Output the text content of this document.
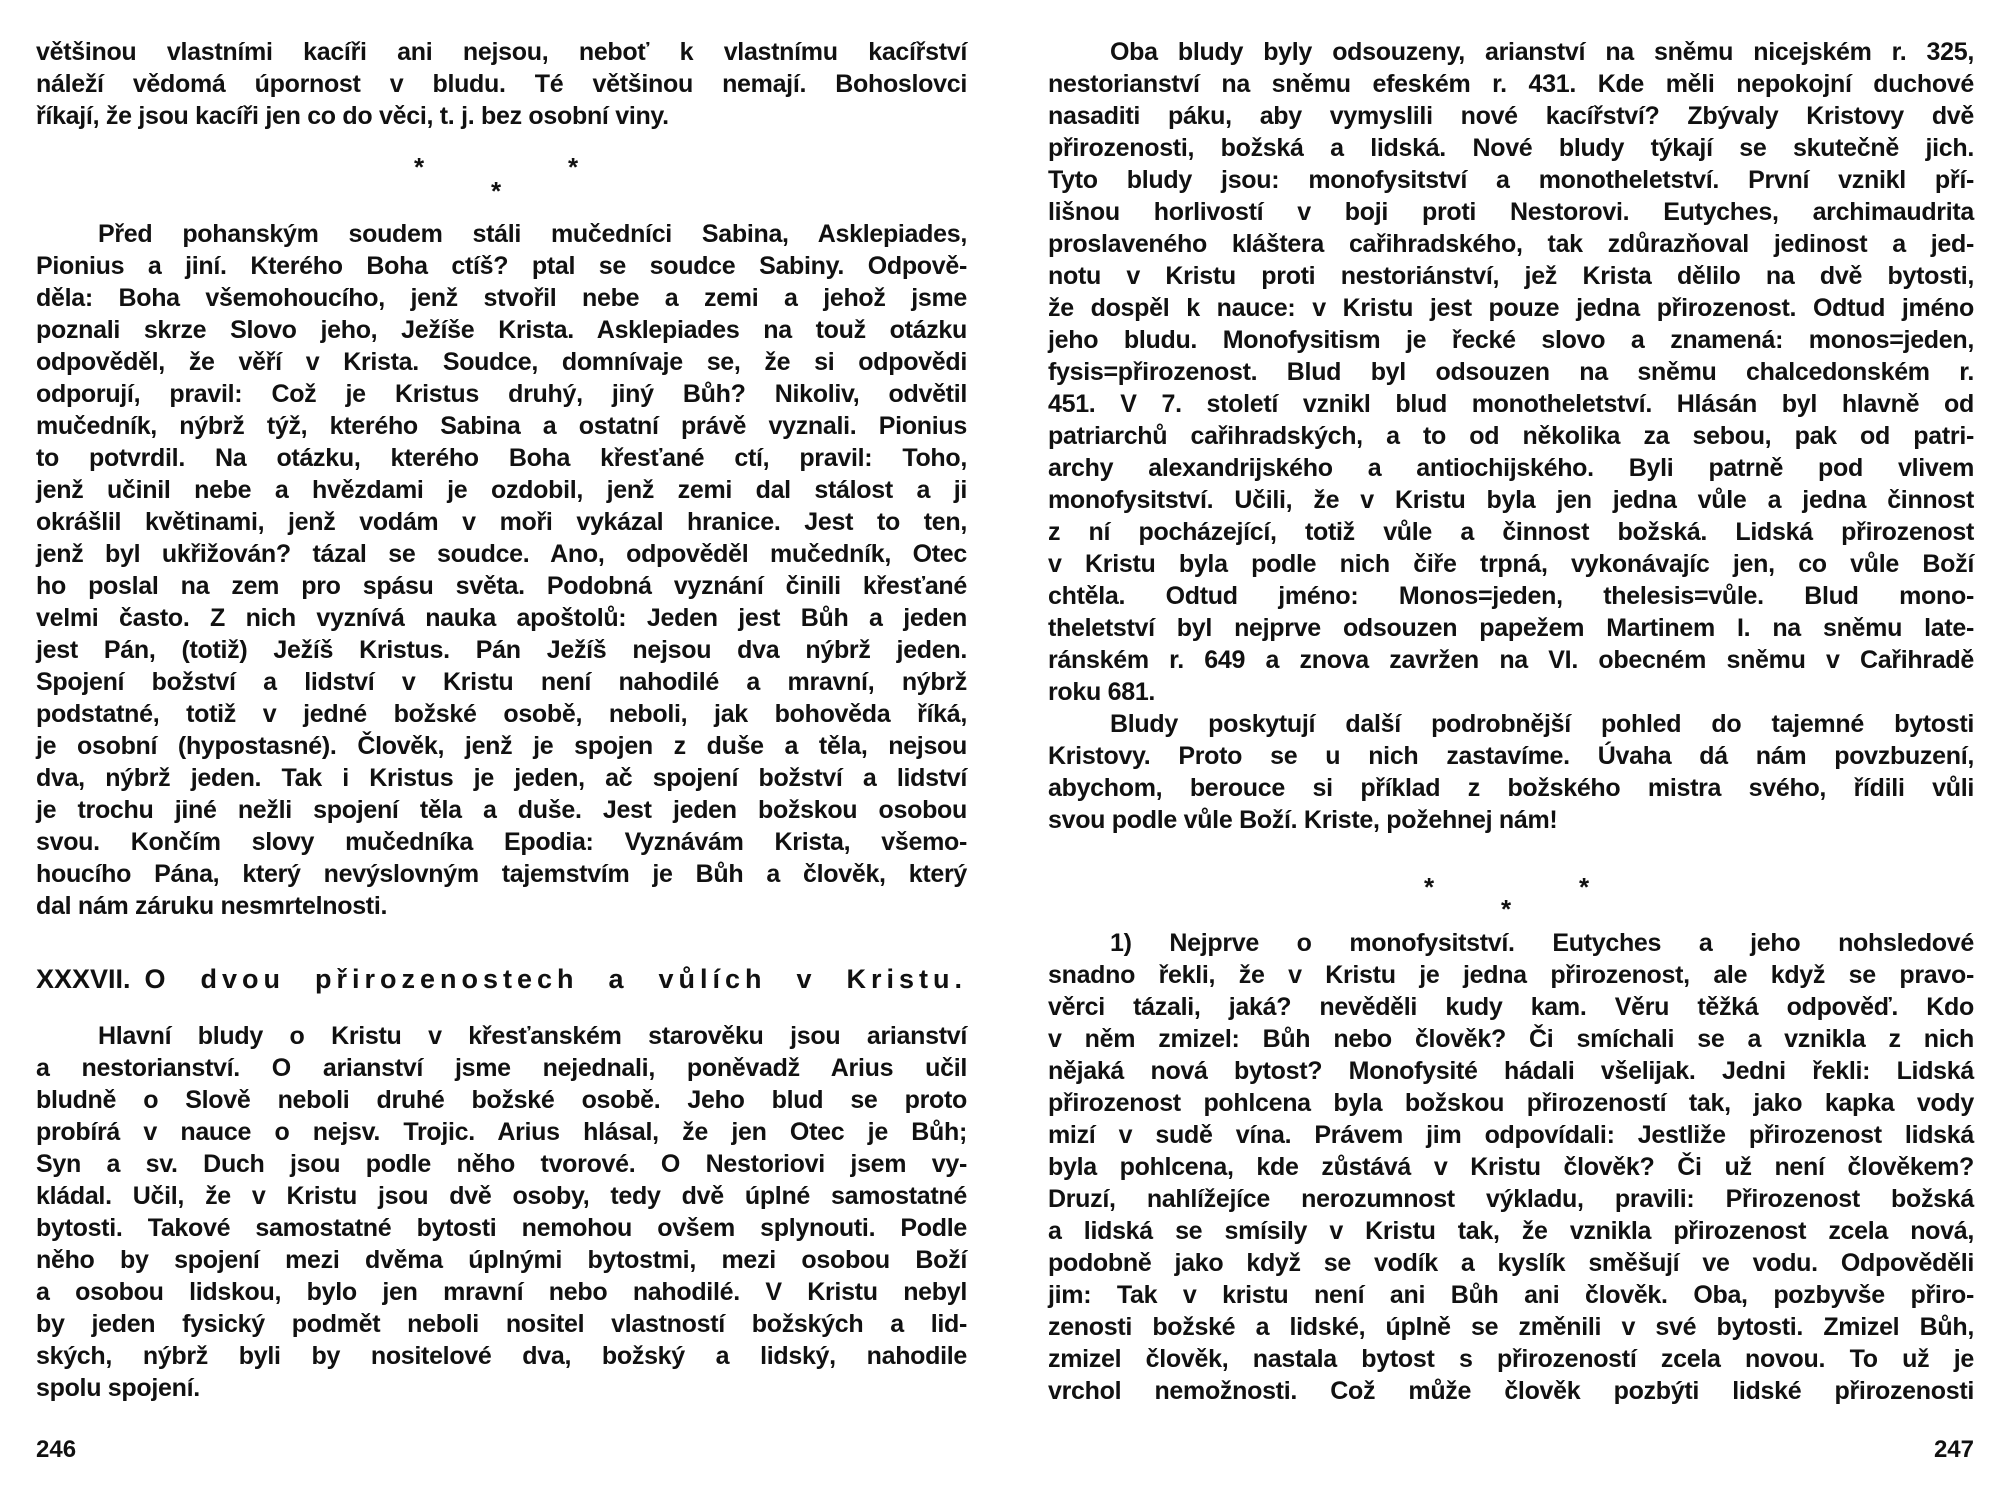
většinou vlastními kacíři ani nejsou, neboť k vlastnímu kacířství
náleží vědomá úpornost v bludu. Té většinou nemají. Bohoslovci
říkají, že jsou kacíři jen co do věci, t. j. bez osobní viny.
*	*
*
Před pohanským soudem stáli mučedníci Sabina, Asklepiades,
Pionius a jiní. Kterého Boha ctíš? ptal se soudce Sabiny. Odpově-
děla: Boha všemohoucího, jenž stvořil nebe a zemi a jehož jsme
poznali skrze Slovo jeho, Ježíše Krista. Asklepiades na touž otázku
odpověděl, že věří v Krista. Soudce, domnívaje se, že si odpovědi
odporují, pravil: Což je Kristus druhý, jiný Bůh? Nikoliv, odvětil
mučedník, nýbrž týž, kterého Sabina a ostatní právě vyznali. Pionius
to potvrdil. Na otázku, kterého Boha křesťané ctí, pravil: Toho,
jenž učinil nebe a hvězdami je ozdobil, jenž zemi dal stálost a ji
okrášlil květinami, jenž vodám v moři vykázal hranice. Jest to ten,
jenž byl ukřižován? tázal se soudce. Ano, odpověděl mučedník, Otec
ho poslal na zem pro spásu světa. Podobná vyznání činili křesťané
velmi často. Z nich vyznívá nauka apoštolů: Jeden jest Bůh a jeden
jest Pán, (totiž) Ježíš Kristus. Pán Ježíš nejsou dva nýbrž jeden.
Spojení božství a lidství v Kristu není nahodilé a mravní, nýbrž
podstatné, totiž v jedné božské osobě, neboli, jak bohověda říká,
je osobní (hypostasné). Člověk, jenž je spojen z duše a těla, nejsou
dva, nýbrž jeden. Tak i Kristus je jeden, ač spojení božství a lidství
je trochu jiné nežli spojení těla a duše. Jest jeden božskou osobou
svou. Končím slovy mučedníka Epodia: Vyznávám Krista, všemo-
houcího Pána, který nevýslovným tajemstvím je Bůh a člověk, který
dal nám záruku nesmrtelnosti.
XXXVII. O dvou přirozenostech a vůlích v Kristu.
Hlavní bludy o Kristu v křesťanském starověku jsou arianství
a nestorianství. O arianství jsme nejednali, poněvadž Arius učil
bludně o Slově neboli druhé božské osobě. Jeho blud se proto
probírá v nauce o nejsv. Trojic. Arius hlásal, že jen Otec je Bůh;
Syn a sv. Duch jsou podle něho tvorové. O Nestoriovi jsem vy-
kládal. Učil, že v Kristu jsou dvě osoby, tedy dvě úplné samostatné
bytosti. Takové samostatné bytosti nemohou ovšem splynouti. Podle
něho by spojení mezi dvěma úplnými bytostmi, mezi osobou Boží
a osobou lidskou, bylo jen mravní nebo nahodilé. V Kristu nebyl
by jeden fysický podmět neboli nositel vlastností božských a lid-
ských, nýbrž byli by nositelové dva, božský a lidský, nahodile
spolu spojení.
246
Oba bludy byly odsouzeny, arianství na sněmu nicejském r. 325,
nestorianství na sněmu efeském r. 431. Kde měli nepokojní duchové
nasaditi páku, aby vymyslili nové kacířství? Zbývaly Kristovy dvě
přirozenosti, božská a lidská. Nové bludy týkají se skutečně jich.
Tyto bludy jsou: monofysitství a monotheletství. První vznikl pří-
lišnou horlivostí v boji proti Nestorovi. Eutyches, archimaudrita
proslaveného kláštera cařihradského, tak zdůrazňoval jedinost a jed-
notu v Kristu proti nestoriánství, jež Krista dělilo na dvě bytosti,
že dospěl k nauce: v Kristu jest pouze jedna přirozenost. Odtud jméno
jeho bludu. Monofysitism je řecké slovo a znamená: monos=jeden,
fysis=přirozenost. Blud byl odsouzen na sněmu chalcedonském r.
451. V 7. století vznikl blud monotheletství. Hlásán byl hlavně od
patriarchů cařihradských, a to od několika za sebou, pak od patri-
archy alexandrijského a antiochijského. Byli patrně pod vlivem
monofysitství. Učili, že v Kristu byla jen jedna vůle a jedna činnost
z ní pocházející, totiž vůle a činnost božská. Lidská přirozenost
v Kristu byla podle nich čiře trpná, vykonávajíc jen, co vůle Boží
chtěla. Odtud jméno: Monos=jeden, thelesis=vůle. Blud mono-
theletství byl nejprve odsouzen papežem Martinem I. na sněmu late-
ránském r. 649 a znova zavržen na VI. obecném sněmu v Cařihradě
roku 681.
Bludy poskytují další podrobnější pohled do tajemné bytosti
Kristovy. Proto se u nich zastavíme. Úvaha dá nám povzbuzení,
abychom, berouce si příklad z božského mistra svého, řídili vůli
svou podle vůle Boží. Kriste, požehnej nám!
*	*
*
1) Nejprve o monofysitství. Eutyches a jeho nohsledové
snadno řekli, že v Kristu je jedna přirozenost, ale když se pravo-
věrci tázali, jaká? nevěděli kudy kam. Věru těžká odpověď. Kdo
v něm zmizel: Bůh nebo člověk? Či smíchali se a vznikla z nich
nějaká nová bytost? Monofysité hádali všelijak. Jedni řekli: Lidská
přirozenost pohlcena byla božskou přirozeností tak, jako kapka vody
mizí v sudě vína. Právem jim odpovídali: Jestliže přirozenost lidská
byla pohlcena, kde zůstává v Kristu člověk? Či už není člověkem?
Druzí, nahlížejíce nerozumnost výkladu, pravili: Přirozenost božská
a lidská se smísily v Kristu tak, že vznikla přirozenost zcela nová,
podobně jako když se vodík a kyslík směšují ve vodu. Odpověděli
jim: Tak v kristu není ani Bůh ani člověk. Oba, pozbyvše přiro-
zenosti božské a lidské, úplně se změnili v své bytosti. Zmizel Bůh,
zmizel člověk, nastala bytost s přirozeností zcela novou. To už je
vrchol nemožnosti. Což může člověk pozbýti lidské přirozenosti
247
